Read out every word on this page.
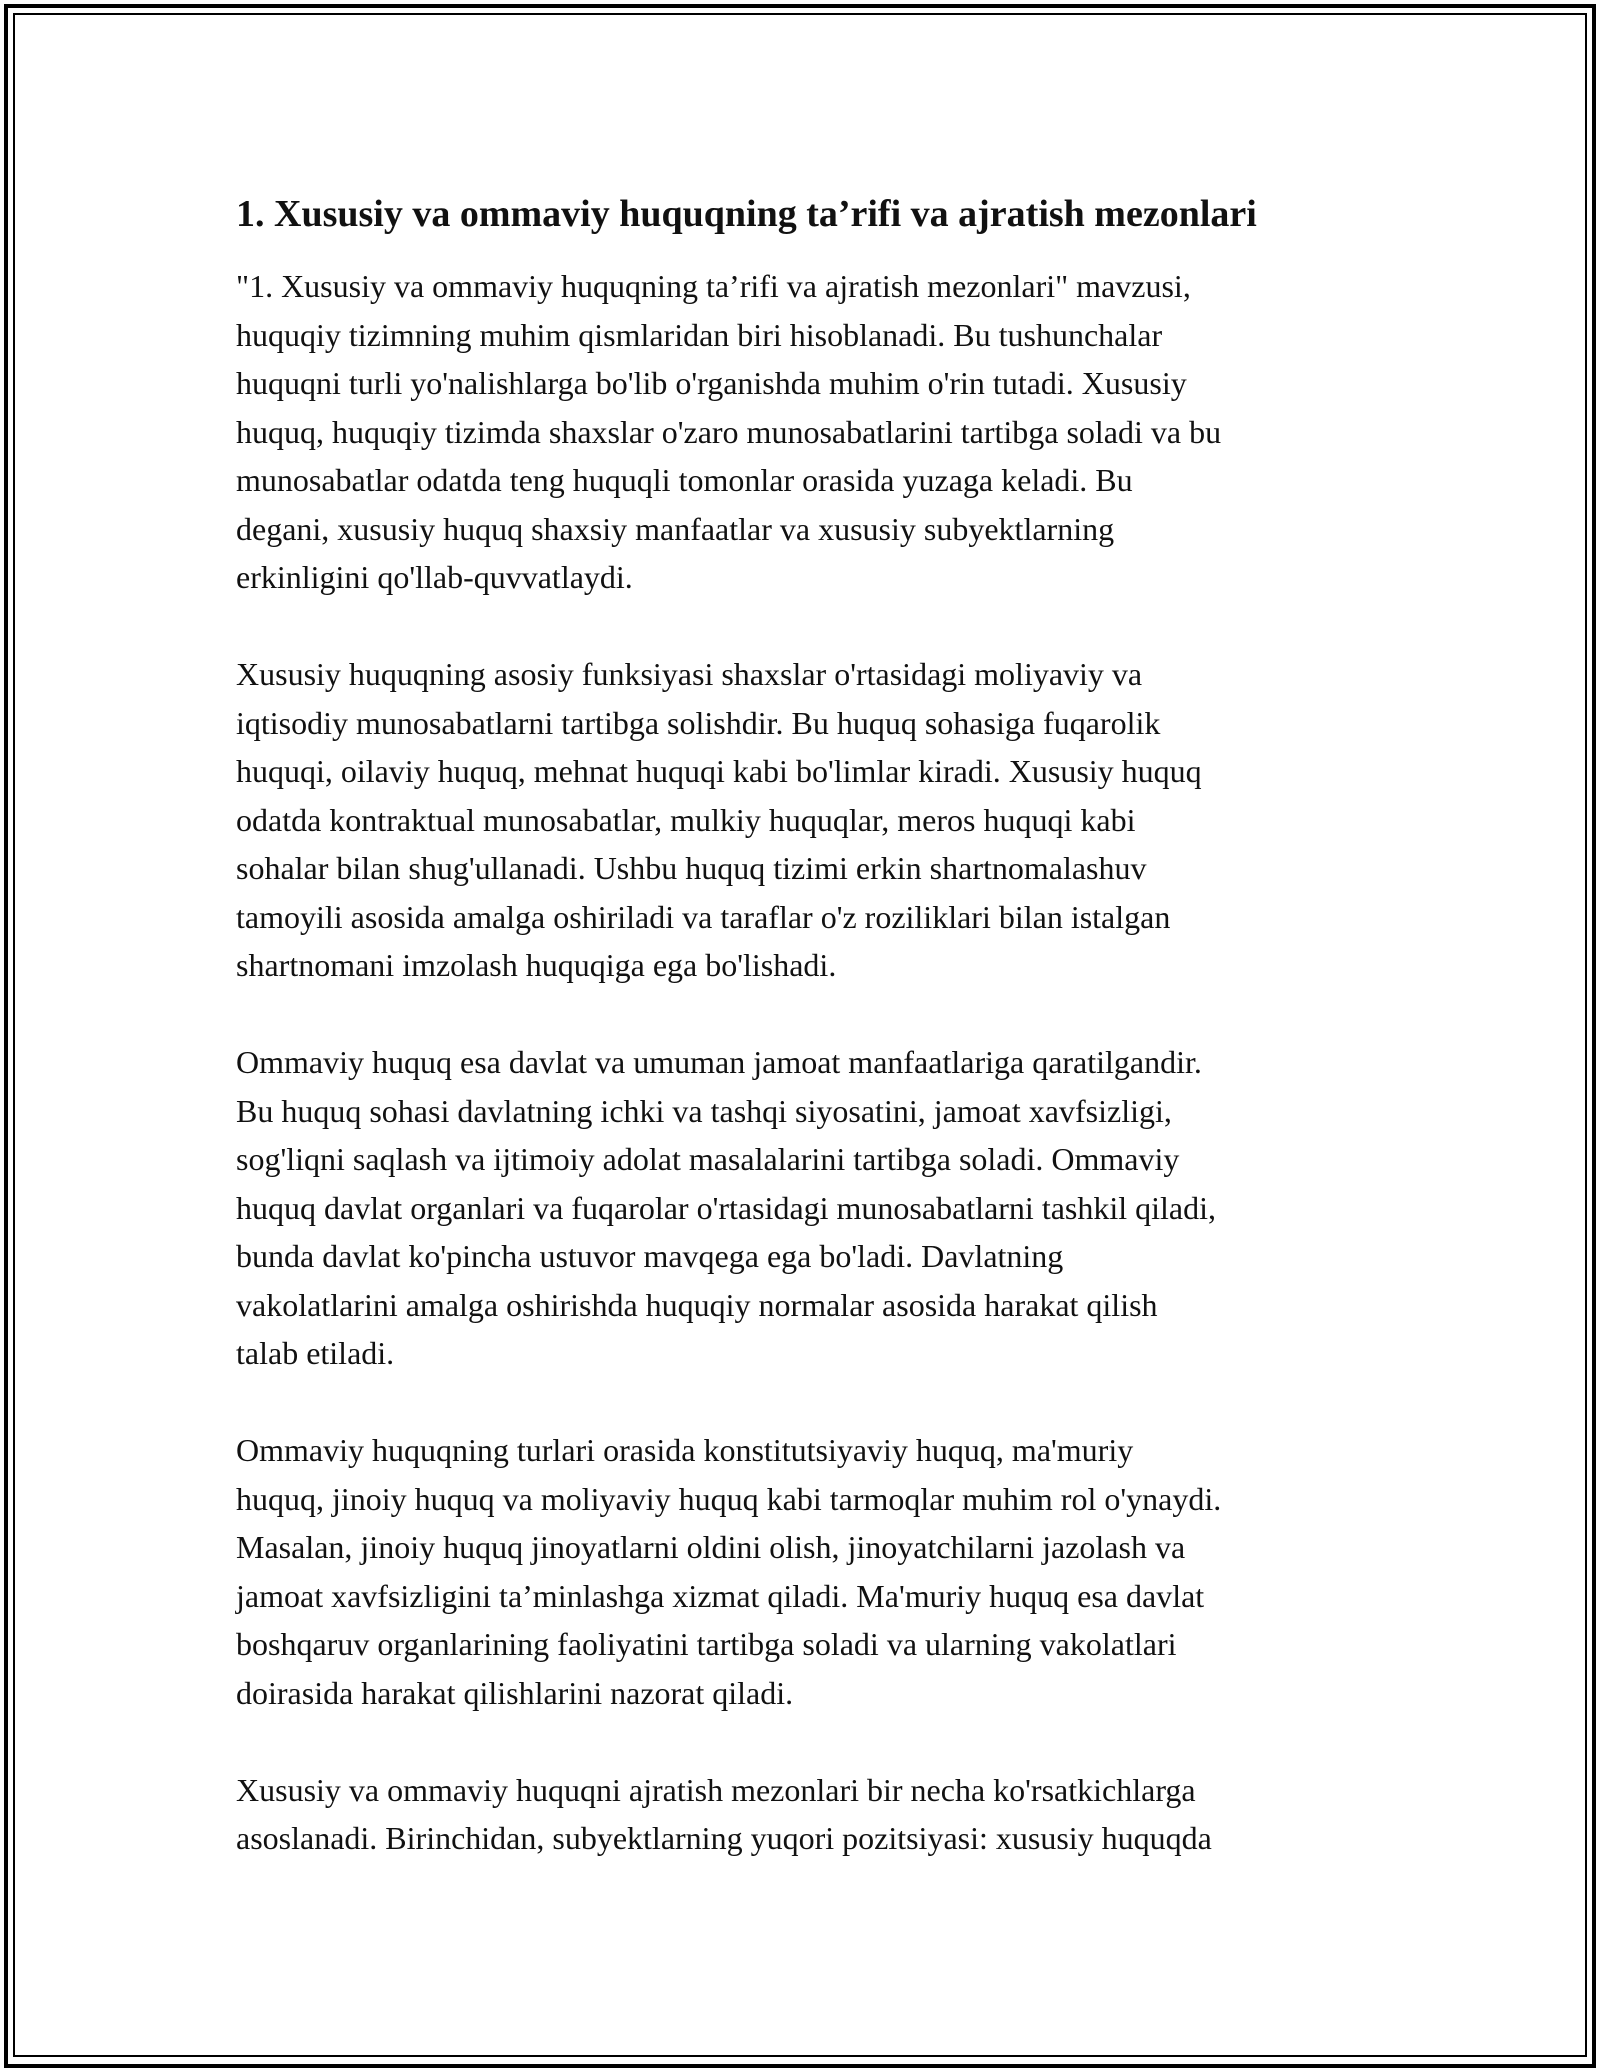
1. Xususiy va ommaviy huquqning ta’rifi va ajratish mezonlari

"1. Xususiy va ommaviy huquqning ta’rifi va ajratish mezonlari" mavzusi,
huquqiy tizimning muhim qismlaridan biri hisoblanadi. Bu tushunchalar
huquqni turli yo'nalishlarga bo'lib o'rganishda muhim o'rin tutadi. Xususiy
huquq, huquqiy tizimda shaxslar o'zaro munosabatlarini tartibga soladi va bu
munosabatlar odatda teng huquqli tomonlar orasida yuzaga keladi. Bu
degani, xususiy huquq shaxsiy manfaatlar va xususiy subyektlarning
erkinligini qo'llab-quvvatlaydi.

Xususiy huquqning asosiy funksiyasi shaxslar o'rtasidagi moliyaviy va
iqtisodiy munosabatlarni tartibga solishdir. Bu huquq sohasiga fuqarolik
huquqi, oilaviy huquq, mehnat huquqi kabi bo'limlar kiradi. Xususiy huquq
odatda kontraktual munosabatlar, mulkiy huquqlar, meros huquqi kabi
sohalar bilan shug'ullanadi. Ushbu huquq tizimi erkin shartnomalashuv
tamoyili asosida amalga oshiriladi va taraflar o'z roziliklari bilan istalgan
shartnomani imzolash huquqiga ega bo'lishadi.

Ommaviy huquq esa davlat va umuman jamoat manfaatlariga qaratilgandir.
Bu huquq sohasi davlatning ichki va tashqi siyosatini, jamoat xavfsizligi,
sog'liqni saqlash va ijtimoiy adolat masalalarini tartibga soladi. Ommaviy
huquq davlat organlari va fuqarolar o'rtasidagi munosabatlarni tashkil qiladi,
bunda davlat ko'pincha ustuvor mavqega ega bo'ladi. Davlatning
vakolatlarini amalga oshirishda huquqiy normalar asosida harakat qilish
talab etiladi.

Ommaviy huquqning turlari orasida konstitutsiyaviy huquq, ma'muriy
huquq, jinoiy huquq va moliyaviy huquq kabi tarmoqlar muhim rol o'ynaydi.
Masalan, jinoiy huquq jinoyatlarni oldini olish, jinoyatchilarni jazolash va
jamoat xavfsizligini ta’minlashga xizmat qiladi. Ma'muriy huquq esa davlat
boshqaruv organlarining faoliyatini tartibga soladi va ularning vakolatlari
doirasida harakat qilishlarini nazorat qiladi.

Xususiy va ommaviy huquqni ajratish mezonlari bir necha ko'rsatkichlarga
asoslanadi. Birinchidan, subyektlarning yuqori pozitsiyasi: xususiy huquqda
